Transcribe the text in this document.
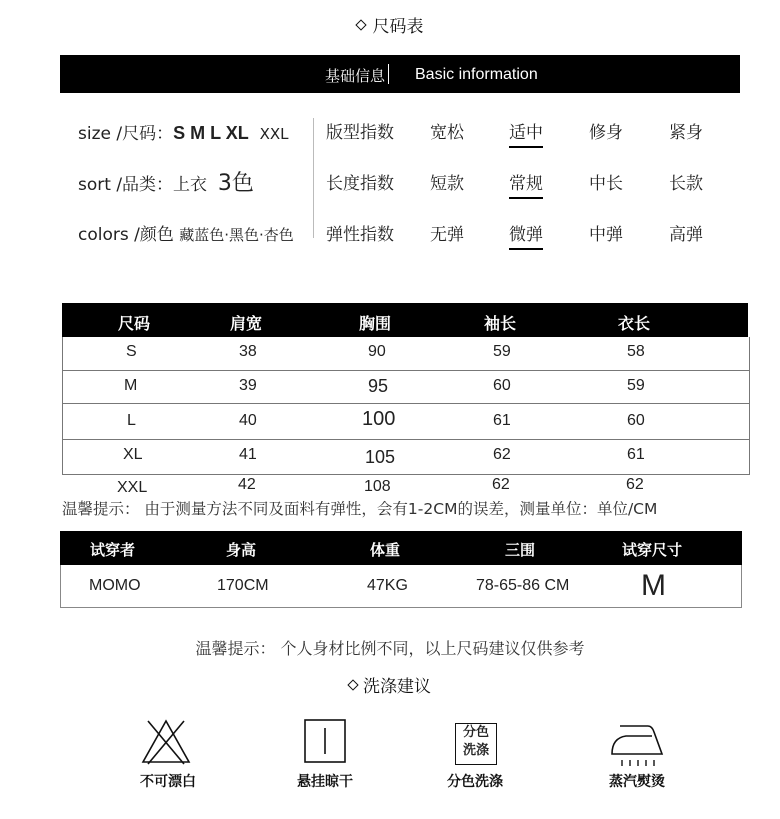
尺码表
基础信息 Basic information
size /尺码：S M L XL XXL
sort /品类：上衣 3色
colors /颜色 藏蓝色·黑色·杏色
版型指数 宽松	适中	修身	紧身
长度指数 短款	常规	中长	长款
弹性指数 无弹	微弹	中弹	高弹
尺码	肩宽	胸围	袖长	衣长
S	38	90	59	58
M	39	95	60	59
L	40	100	61	60
XL	41	105	62	61
XXL	42	108	62	62
温馨提示： 由于测量方法不同及面料有弹性，会有1-2CM的误差，测量单位：单位/CM
试穿者	身高	体重	三围	试穿尺寸
MOMO	170CM	47KG	78-65-86 CM M
温馨提示： 个人身材比例不同，以上尺码建议仅供参考
洗涤建议
不可漂白	悬挂晾干
分色
洗涤
分色洗涤	蒸汽熨烫
